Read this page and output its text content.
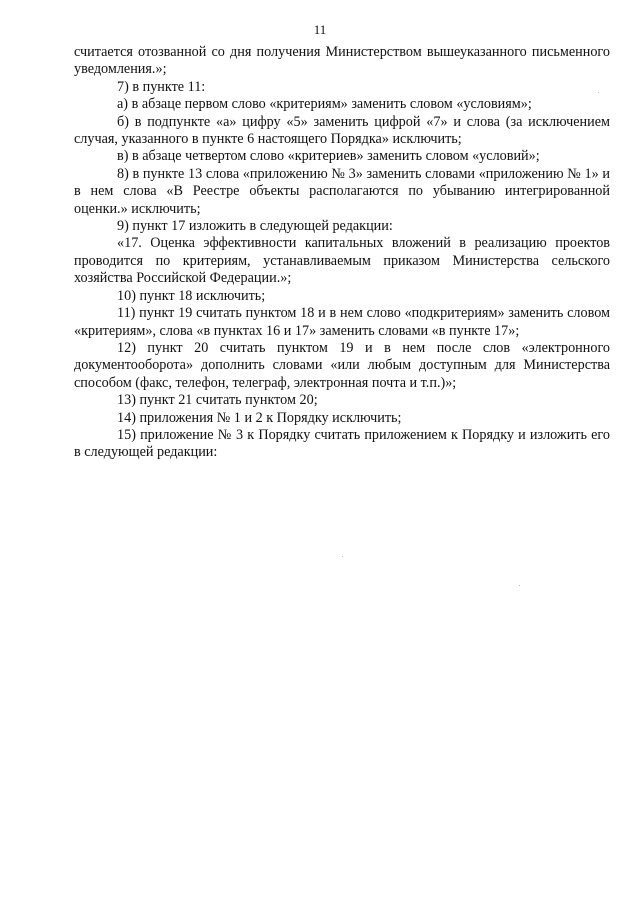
11

считается отозванной со дня получения Министерством вышеуказанного письменного уведомления.»;

7) в пункте 11:

а) в абзаце первом слово «критериям» заменить словом «условиям»;

б) в подпункте «а» цифру «5» заменить цифрой «7» и слова (за исключением случая, указанного в пункте 6 настоящего Порядка» исключить;

в) в абзаце четвертом слово «критериев» заменить словом «условий»;

8) в пункте 13 слова «приложению № 3» заменить словами «приложению № 1» и в нем слова «В Реестре объекты располагаются по убыванию интегрированной оценки.» исключить;

9) пункт 17 изложить в следующей редакции:

«17. Оценка эффективности капитальных вложений в реализацию проектов проводится по критериям, устанавливаемым приказом Министерства сельского хозяйства Российской Федерации.»;

10) пункт 18 исключить;

11) пункт 19 считать пунктом 18 и в нем слово «подкритериям» заменить словом «критериям», слова «в пунктах 16 и 17» заменить словами «в пункте 17»;

12) пункт 20 считать пунктом 19 и в нем после слов «электронного документооборота» дополнить словами «или любым доступным для Министерства способом (факс, телефон, телеграф, электронная почта и т.п.)»;

13) пункт 21 считать пунктом 20;

14) приложения № 1 и 2 к Порядку исключить;

15) приложение № 3 к Порядку считать приложением к Порядку и изложить его в следующей редакции:
